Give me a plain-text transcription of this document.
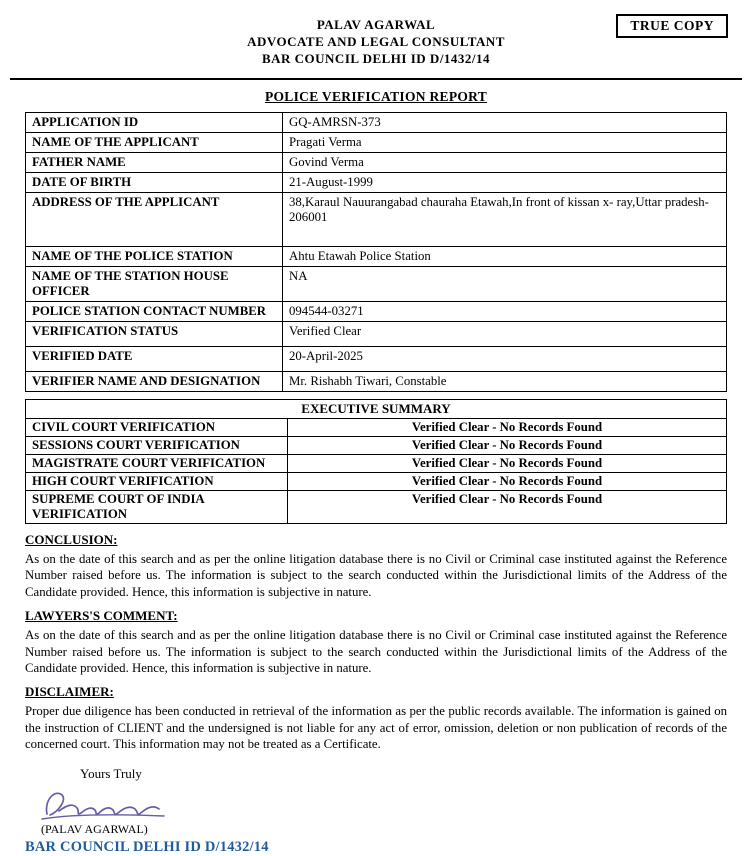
TRUE COPY
PALAV AGARWAL
ADVOCATE AND LEGAL CONSULTANT
BAR COUNCIL DELHI ID D/1432/14
POLICE VERIFICATION REPORT
APPLICATION ID	GQ-AMRSN-373
NAME OF THE APPLICANT	Pragati Verma
FATHER NAME	Govind Verma
DATE OF BIRTH	21-August-1999
ADDRESS OF THE APPLICANT	38,Karaul Nauurangabad chauraha Etawah,In front of kissan x- ray,Uttar pradesh-206001
NAME OF THE POLICE STATION	Ahtu Etawah Police Station
NAME OF THE STATION HOUSE OFFICER	NA
POLICE STATION CONTACT NUMBER	094544-03271
VERIFICATION STATUS	Verified Clear
VERIFIED DATE	20-April-2025
VERIFIER NAME AND DESIGNATION	Mr. Rishabh Tiwari, Constable
EXECUTIVE SUMMARY	
CIVIL COURT VERIFICATION	Verified Clear - No Records Found
SESSIONS COURT VERIFICATION	Verified Clear - No Records Found
MAGISTRATE COURT VERIFICATION	Verified Clear - No Records Found
HIGH COURT VERIFICATION	Verified Clear - No Records Found
SUPREME COURT OF INDIA VERIFICATION	Verified Clear - No Records Found

CONCLUSION:

As on the date of this search and as per the online litigation database there is no Civil or Criminal case instituted against the Reference Number raised before us. The information is subject to the search conducted within the Jurisdictional limits of the Address of the Candidate provided. Hence, this information is subjective in nature.

LAWYERS'S COMMENT:

As on the date of this search and as per the online litigation database there is no Civil or Criminal case instituted against the Reference Number raised before us. The information is subject to the search conducted within the Jurisdictional limits of the Address of the Candidate provided. Hence, this information is subjective in nature.

DISCLAIMER:

Proper due diligence has been conducted in retrieval of the information as per the public records available. The information is gained on the instruction of CLIENT and the undersigned is not liable for any act of error, omission, deletion or non publication of records of the concerned court. This information may not be treated as a Certificate.

Yours Truly
(PALAV AGARWAL)
BAR COUNCIL DELHI ID D/1432/14
